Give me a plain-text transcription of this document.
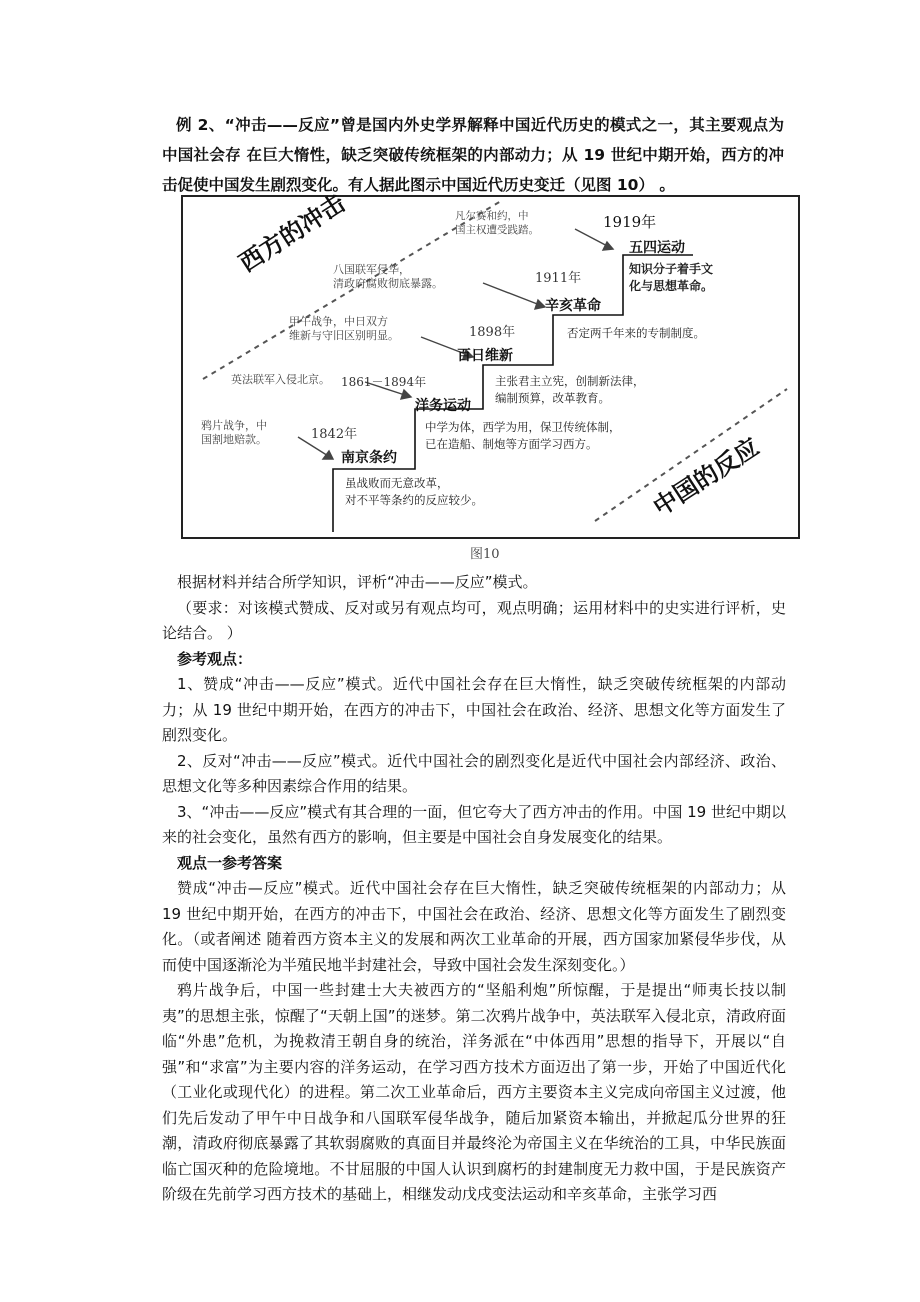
例 2、“冲击——反应”曾是国内外史学界解释中国近代历史的模式之一，其主要观点为中国社会存 在巨大惰性，缺乏突破传统框架的内部动力；从 19 世纪中期开始，西方的冲击促使中国发生剧烈变化。有人据此图示中国近代历史变迁（见图 10） 。

西方的冲击
中国的反应
鸦片战争，中
国割地赔款。	1842年
南京条约
虽战败而无意改革，
对不平等条约的反应较少。
英法联军入侵北京。 1861－1894年
洋务运动
中学为体，西学为用，保卫传统体制，
已在造船、制炮等方面学习西方。
甲午战争，中日双方
维新与守旧区别明显。	1898年
百日维新
主张君主立宪，创制新法律，
编制预算，改革教育。
八国联军侵华，
清政府腐败彻底暴露。	1911年
辛亥革命
否定两千年来的专制制度。
凡尔赛和约，中
国主权遭受践踏。	1919年
五四运动
知识分子着手文
化与思想革命。
图10

根据材料并结合所学知识，评析“冲击——反应”模式。

（要求：对该模式赞成、反对或另有观点均可，观点明确；运用材料中的史实进行评析，史论结合。 ）

参考观点：

1、赞成“冲击——反应”模式。近代中国社会存在巨大惰性，缺乏突破传统框架的内部动力；从 19 世纪中期开始，在西方的冲击下，中国社会在政治、经济、思想文化等方面发生了剧烈变化。

2、反对“冲击——反应”模式。近代中国社会的剧烈变化是近代中国社会内部经济、政治、思想文化等多种因素综合作用的结果。

3、“冲击——反应”模式有其合理的一面，但它夸大了西方冲击的作用。中国 19 世纪中期以来的社会变化，虽然有西方的影响，但主要是中国社会自身发展变化的结果。

观点一参考答案

赞成“冲击—反应”模式。近代中国社会存在巨大惰性，缺乏突破传统框架的内部动力；从 19 世纪中期开始，在西方的冲击下，中国社会在政治、经济、思想文化等方面发生了剧烈变化。（或者阐述 随着西方资本主义的发展和两次工业革命的开展，西方国家加紧侵华步伐，从而使中国逐渐沦为半殖民地半封建社会，导致中国社会发生深刻变化。）

鸦片战争后，中国一些封建士大夫被西方的“坚船利炮”所惊醒，于是提出“师夷长技以制夷”的思想主张，惊醒了“天朝上国”的迷梦。第二次鸦片战争中，英法联军入侵北京，清政府面临“外患”危机，为挽救清王朝自身的统治，洋务派在“中体西用”思想的指导下，开展以“自强”和“求富”为主要内容的洋务运动，在学习西方技术方面迈出了第一步，开始了中国近代化（工业化或现代化）的进程。第二次工业革命后，西方主要资本主义完成向帝国主义过渡，他们先后发动了甲午中日战争和八国联军侵华战争，随后加紧资本输出，并掀起瓜分世界的狂潮，清政府彻底暴露了其软弱腐败的真面目并最终沦为帝国主义在华统治的工具，中华民族面临亡国灭种的危险境地。不甘屈服的中国人认识到腐朽的封建制度无力救中国，于是民族资产阶级在先前学习西方技术的基础上，相继发动戊戌变法运动和辛亥革命，主张学习西
